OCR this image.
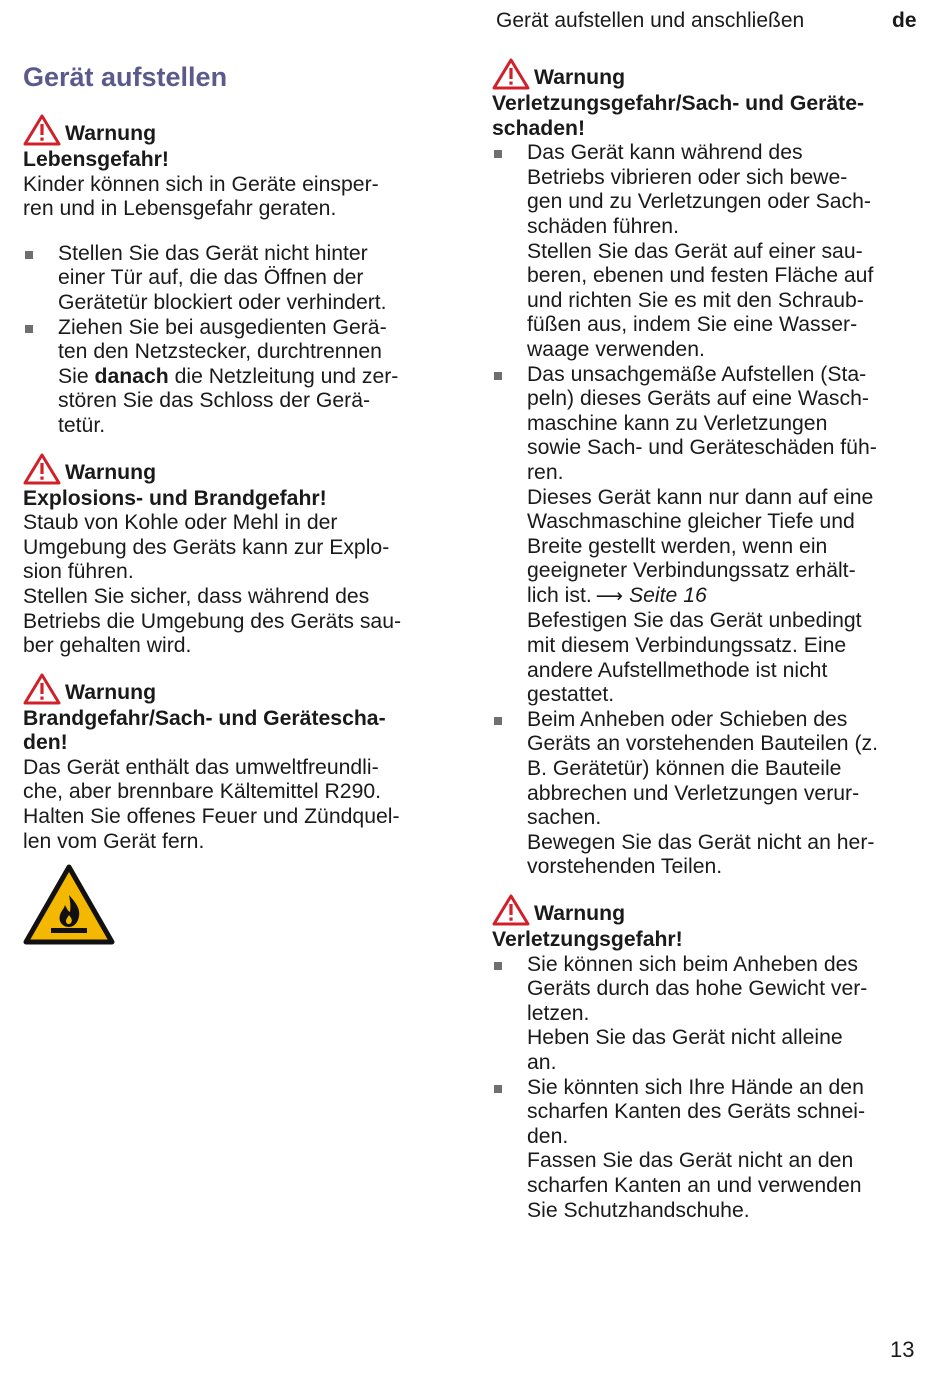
Gerät aufstellen und anschließen	de
Gerät aufstellen
Warnung
Lebensgefahr!
Kinder können sich in Geräte einsper-
ren und in Lebensgefahr geraten.
Stellen Sie das Gerät nicht hinter
einer Tür auf, die das Öffnen der
Gerätetür blockiert oder verhindert.
Ziehen Sie bei ausgedienten Gerä-
ten den Netzstecker, durchtrennen
Sie danach die Netzleitung und zer-
stören Sie das Schloss der Gerä-
tetür.
Warnung
Explosions- und Brandgefahr!
Staub von Kohle oder Mehl in der
Umgebung des Geräts kann zur Explo-
sion führen.
Stellen Sie sicher, dass während des
Betriebs die Umgebung des Geräts sau-
ber gehalten wird.
Warnung
Brandgefahr/Sach- und Gerätescha-
den!
Das Gerät enthält das umweltfreundli-
che, aber brennbare Kältemittel R290.
Halten Sie offenes Feuer und Zündquel-
len vom Gerät fern.
Warnung
Verletzungsgefahr/Sach- und Geräte-
schaden!
Das Gerät kann während des
Betriebs vibrieren oder sich bewe-
gen und zu Verletzungen oder Sach-
schäden führen.
Stellen Sie das Gerät auf einer sau-
beren, ebenen und festen Fläche auf
und richten Sie es mit den Schraub-
füßen aus, indem Sie eine Wasser-
waage verwenden.
Das unsachgemäße Aufstellen (Sta-
peln) dieses Geräts auf eine Wasch-
maschine kann zu Verletzungen
sowie Sach- und Geräteschäden füh-
ren.
Dieses Gerät kann nur dann auf eine
Waschmaschine gleicher Tiefe und
Breite gestellt werden, wenn ein
geeigneter Verbindungssatz erhält-
lich ist. ⟶ Seite 16
Befestigen Sie das Gerät unbedingt
mit diesem Verbindungssatz. Eine
andere Aufstellmethode ist nicht
gestattet.
Beim Anheben oder Schieben des
Geräts an vorstehenden Bauteilen (z.
B. Gerätetür) können die Bauteile
abbrechen und Verletzungen verur-
sachen.
Bewegen Sie das Gerät nicht an her-
vorstehenden Teilen.
Warnung
Verletzungsgefahr!
Sie können sich beim Anheben des
Geräts durch das hohe Gewicht ver-
letzen.
Heben Sie das Gerät nicht alleine
an.
Sie könnten sich Ihre Hände an den
scharfen Kanten des Geräts schnei-
den.
Fassen Sie das Gerät nicht an den
scharfen Kanten an und verwenden
Sie Schutzhandschuhe.
13
